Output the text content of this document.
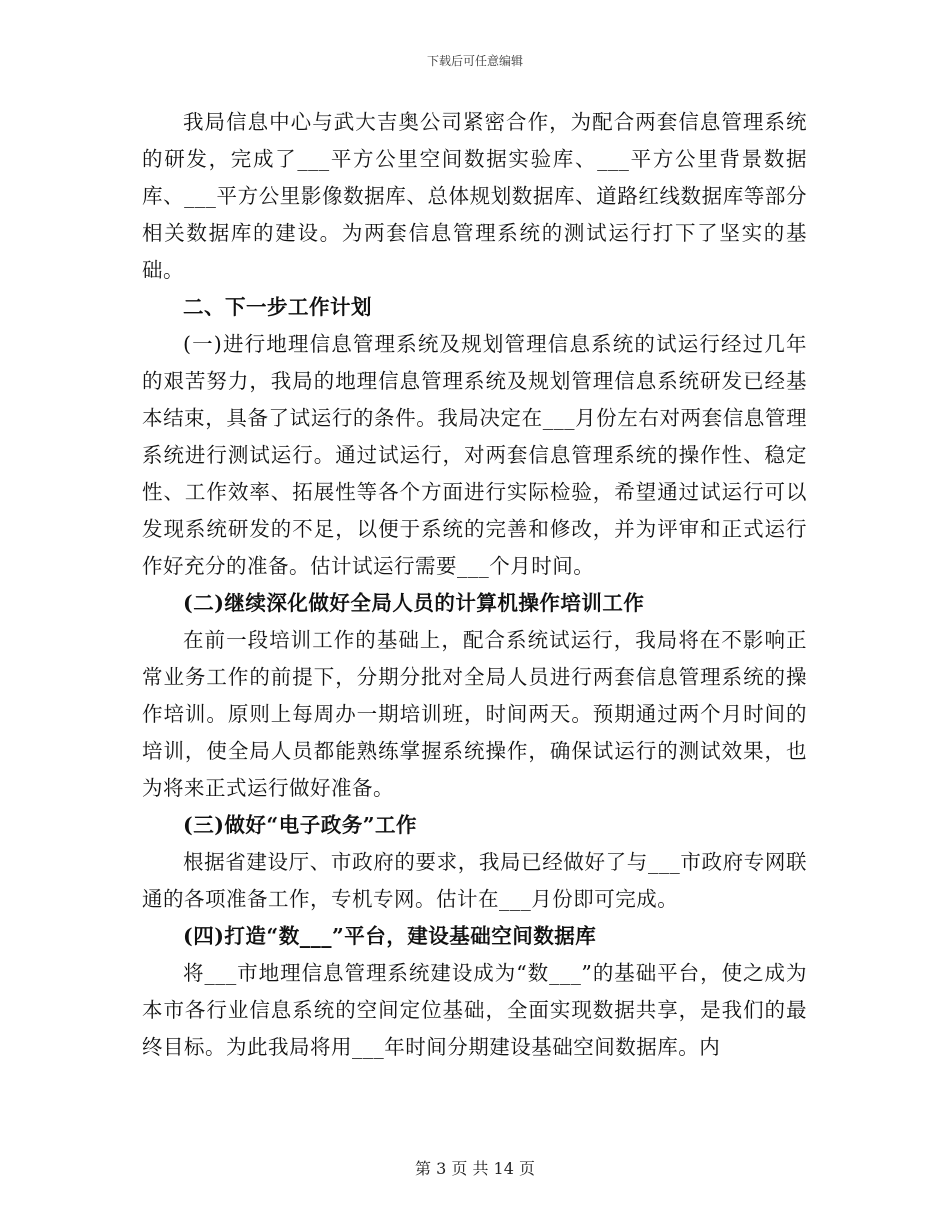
下载后可任意编辑

我局信息中心与武大吉奥公司紧密合作，为配合两套信息管理系统的研发，完成了___平方公里空间数据实验库、___平方公里背景数据库、___平方公里影像数据库、总体规划数据库、道路红线数据库等部分相关数据库的建设。为两套信息管理系统的测试运行打下了坚实的基础。

二、下一步工作计划

(一)进行地理信息管理系统及规划管理信息系统的试运行经过几年的艰苦努力，我局的地理信息管理系统及规划管理信息系统研发已经基本结束，具备了试运行的条件。我局决定在___月份左右对两套信息管理系统进行测试运行。通过试运行，对两套信息管理系统的操作性、稳定性、工作效率、拓展性等各个方面进行实际检验，希望通过试运行可以发现系统研发的不足，以便于系统的完善和修改，并为评审和正式运行作好充分的准备。估计试运行需要___个月时间。

(二)继续深化做好全局人员的计算机操作培训工作

在前一段培训工作的基础上，配合系统试运行，我局将在不影响正常业务工作的前提下，分期分批对全局人员进行两套信息管理系统的操作培训。原则上每周办一期培训班，时间两天。预期通过两个月时间的培训，使全局人员都能熟练掌握系统操作，确保试运行的测试效果，也为将来正式运行做好准备。

(三)做好“电子政务”工作

根据省建设厅、市政府的要求，我局已经做好了与___市政府专网联通的各项准备工作，专机专网。估计在___月份即可完成。

(四)打造“数___”平台，建设基础空间数据库

将___市地理信息管理系统建设成为“数___”的基础平台，使之成为本市各行业信息系统的空间定位基础，全面实现数据共享，是我们的最终目标。为此我局将用___年时间分期建设基础空间数据库。内

第 3 页 共 14 页
